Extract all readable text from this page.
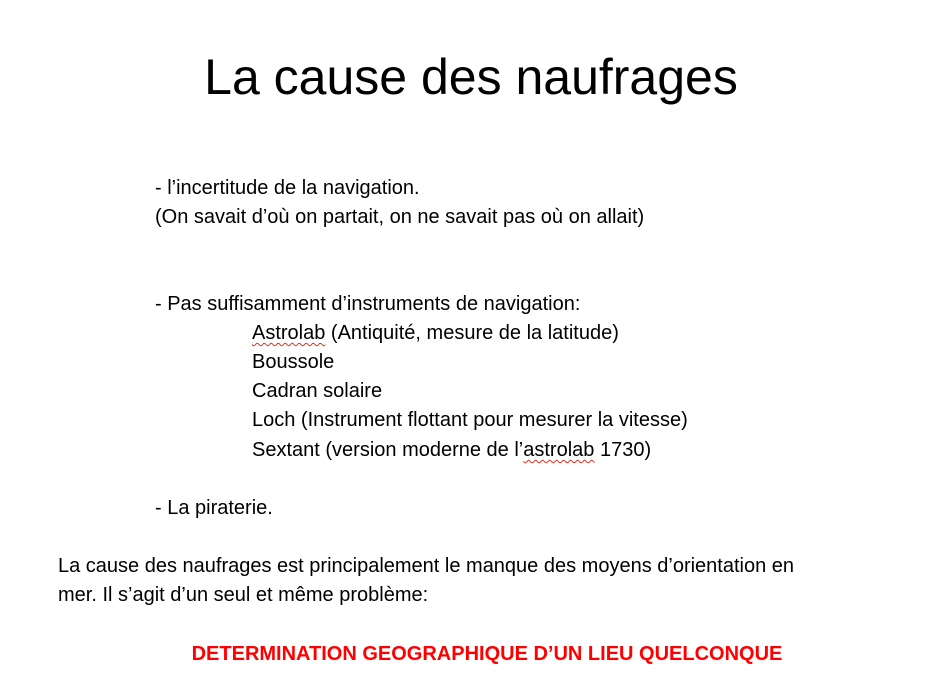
La cause des naufrages
- l’incertitude de la navigation.
(On savait d’où on partait, on ne savait pas où on allait)
- Pas suffisamment d’instruments de navigation:
Astrolab (Antiquité, mesure de la latitude)
Boussole
Cadran solaire
Loch (Instrument flottant pour mesurer la vitesse)
Sextant (version moderne de l’astrolab 1730)
- La piraterie.

La cause des naufrages est principalement le manque des moyens d’orientation en

mer. Il s’agit d’un seul et même problème:

DETERMINATION GEOGRAPHIQUE D’UN LIEU QUELCONQUE
